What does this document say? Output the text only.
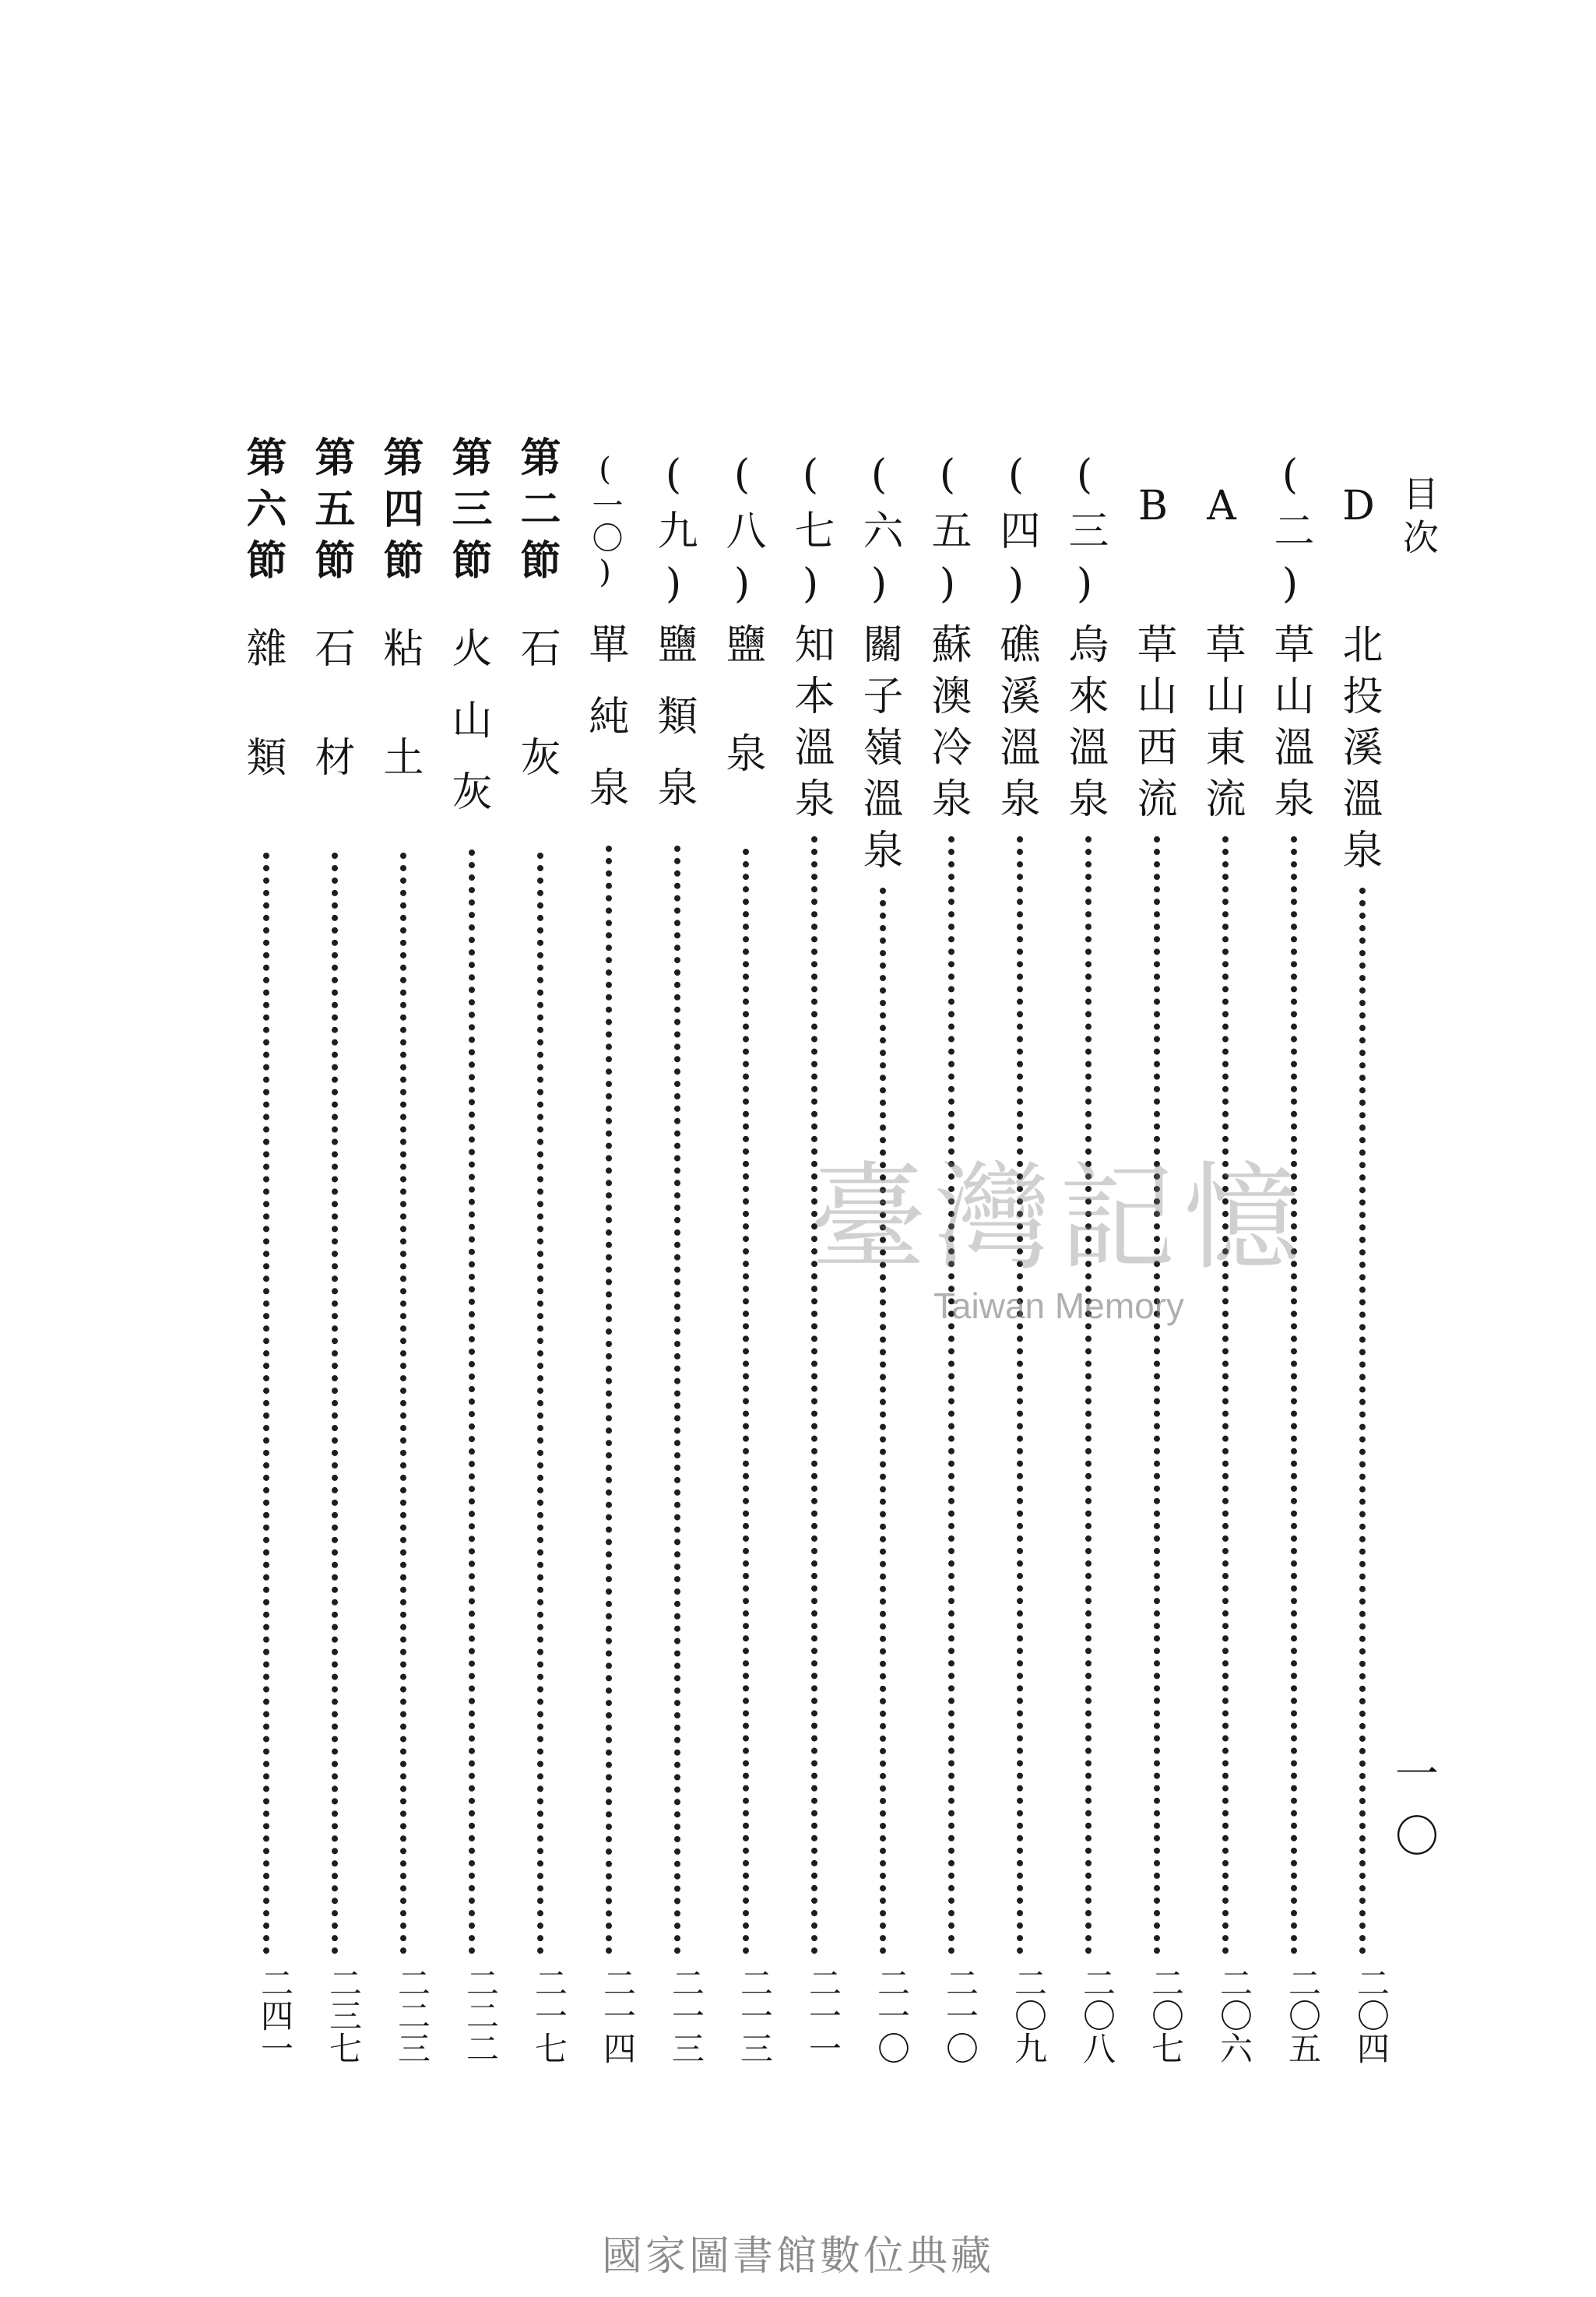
目次
一〇
D
北投溪溫泉
二〇四
(二)
草山溫泉
二〇五
A
草山東流
二〇六
B
草山西流
二〇七
(三)
烏來溫泉
二〇八
(四)
礁溪溫泉
二〇九
(五)
蘇澳冷泉
二一〇
(六)
關子嶺溫泉
二一〇
(七)
知本溫泉
二一一
(八)
鹽泉
二一三
(九)
鹽類泉
二一三
(一〇)
單純泉
二一四
第二節
石灰
二一七
第三節
火山灰
二二二
第四節
粘土
二二三
第五節
石材
二三七
第六節
雜類
二四一
臺灣記憶
Taiwan Memory
國家圖書館數位典藏
